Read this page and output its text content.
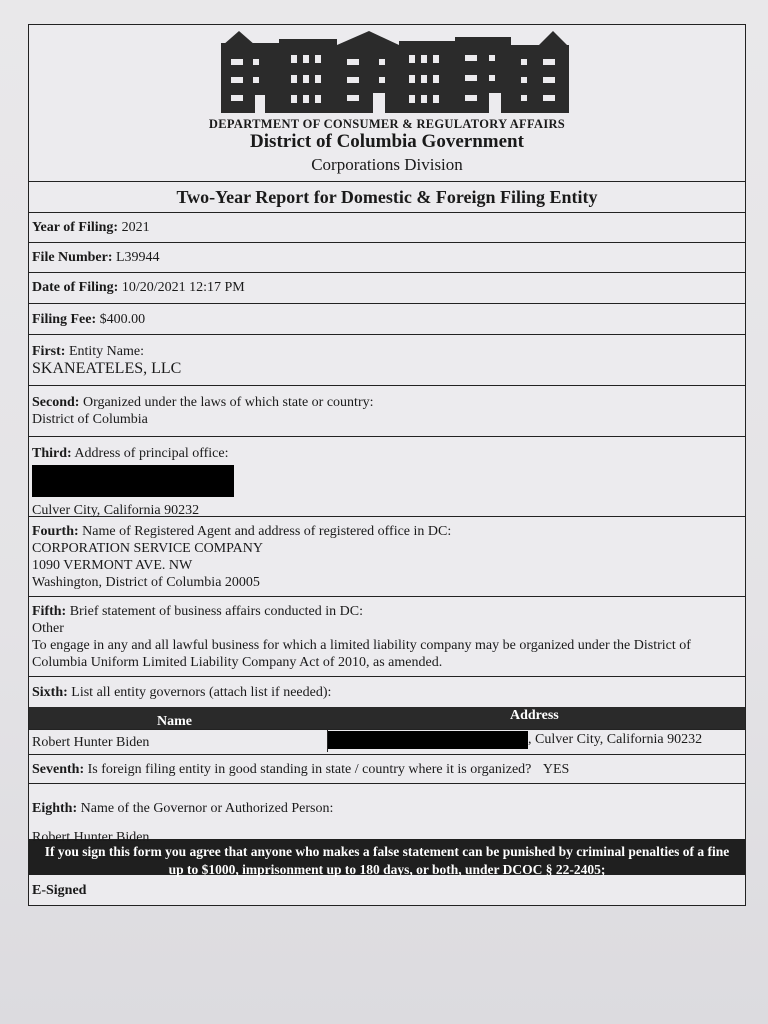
DEPARTMENT OF CONSUMER & REGULATORY AFFAIRS
District of Columbia Government
Corporations Division
Two-Year Report for Domestic & Foreign Filing Entity
Year of Filing: 2021
File Number: L39944
Date of Filing: 10/20/2021 12:17 PM
Filing Fee: $400.00
First: Entity Name:
SKANEATELES, LLC
Second: Organized under the laws of which state or country:
District of Columbia
Third: Address of principal office:

Culver City, California 90232
Fourth: Name of Registered Agent and address of registered office in DC:
CORPORATION SERVICE COMPANY
1090 VERMONT AVE. NW
Washington, District of Columbia 20005
Fifth: Brief statement of business affairs conducted in DC:
Other
To engage in any and all lawful business for which a limited liability company may be organized under the District of Columbia Uniform Limited Liability Company Act of 2010, as amended.
Sixth: List all entity governors (attach list if needed):
Name	Address
Robert Hunter Biden	, Culver City, California 90232
Seventh: Is foreign filing entity in good standing in state / country where it is organized? YES
Eighth: Name of the Governor or Authorized Person:
Robert Hunter Biden
If you sign this form you agree that anyone who makes a false statement can be punished by criminal penalties of a fine up to $1000, imprisonment up to 180 days, or both, under DCOC § 22-2405;
E-Signed
